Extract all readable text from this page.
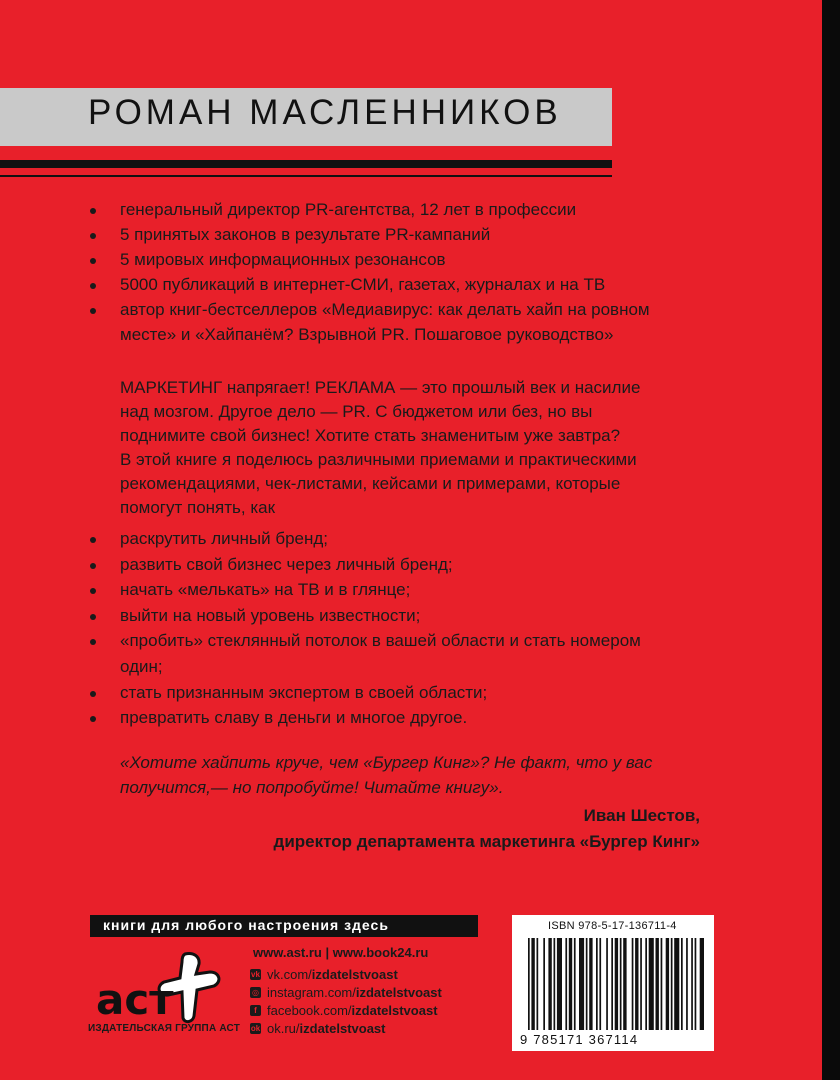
РОМАН МАСЛЕННИКОВ
генеральный директор PR-агентства, 12 лет в профессии
5 принятых законов в результате PR-кампаний
5 мировых информационных резонансов
5000 публикаций в интернет-СМИ, газетах, журналах и на ТВ
автор книг-бестселлеров «Медиавирус: как делать хайп на ровном
месте» и «Хайпанём? Взрывной PR. Пошаговое руководство»
МАРКЕТИНГ напрягает! РЕКЛАМА — это прошлый век и насилие
над мозгом. Другое дело — PR. С бюджетом или без, но вы
поднимите свой бизнес! Хотите стать знаменитым уже завтра?
В этой книге я поделюсь различными приемами и практическими
рекомендациями, чек-листами, кейсами и примерами, которые
помогут понять, как
раскрутить личный бренд;
развить свой бизнес через личный бренд;
начать «мелькать» на ТВ и в глянце;
выйти на новый уровень известности;
«пробить» стеклянный потолок в вашей области и стать номером
один;
стать признанным экспертом в своей области;
превратить славу в деньги и многое другое.
«Хотите хайпить круче, чем «Бургер Кинг»? Не факт, что у вас
получится,— но попробуйте! Читайте книгу».
Иван Шестов,
директор департамента маркетинга «Бургер Кинг»
книги для любого настроения здесь
аст
ИЗДАТЕЛЬСКАЯ ГРУППА АСТ
www.ast.ru | www.book24.ru
vk vk.com/ izdatelstvoast
◎ instagram.com/ izdatelstvoast
f facebook.com/ izdatelstvoast
ok ok.ru/ izdatelstvoast
ISBN 978-5-17-136711-4
9 785171 367114
